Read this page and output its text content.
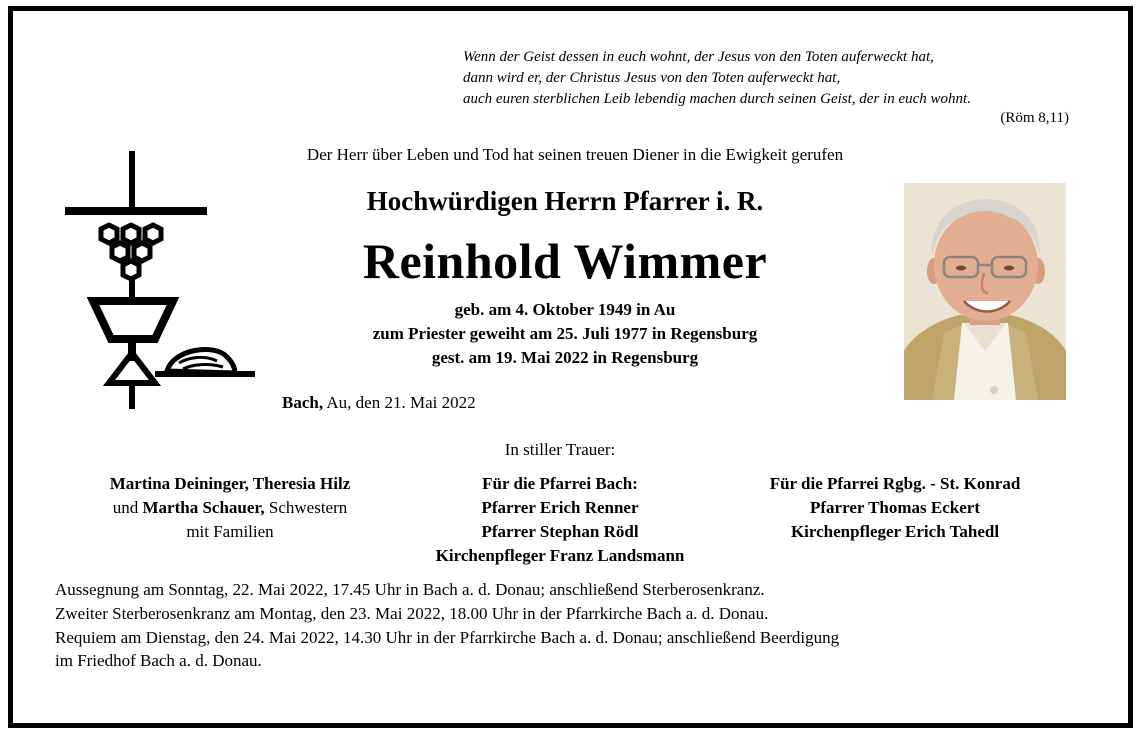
Wenn der Geist dessen in euch wohnt, der Jesus von den Toten auferweckt hat,
dann wird er, der Christus Jesus von den Toten auferweckt hat,
auch euren sterblichen Leib lebendig machen durch seinen Geist, der in euch wohnt.
(Röm 8,11)
Der Herr über Leben und Tod hat seinen treuen Diener in die Ewigkeit gerufen
Hochwürdigen Herrn Pfarrer i. R.
Reinhold Wimmer
geb. am 4. Oktober 1949 in Au
zum Priester geweiht am 25. Juli 1977 in Regensburg
gest. am 19. Mai 2022 in Regensburg
Bach, Au, den 21. Mai 2022
In stiller Trauer:
Martina Deininger, Theresia Hilz
und Martha Schauer, Schwestern
mit Familien
Für die Pfarrei Bach:
Pfarrer Erich Renner
Pfarrer Stephan Rödl
Kirchenpfleger Franz Landsmann
Für die Pfarrei Rgbg. - St. Konrad
Pfarrer Thomas Eckert
Kirchenpfleger Erich Tahedl

Aussegnung am Sonntag, 22. Mai 2022, 17.45 Uhr in Bach a. d. Donau; anschließend Sterberosenkranz.

Zweiter Sterberosenkranz am Montag, den 23. Mai 2022, 18.00 Uhr in der Pfarrkirche Bach a. d. Donau.

Requiem am Dienstag, den 24. Mai 2022, 14.30 Uhr in der Pfarrkirche Bach a. d. Donau; anschließend Beerdigung
im Friedhof Bach a. d. Donau.
